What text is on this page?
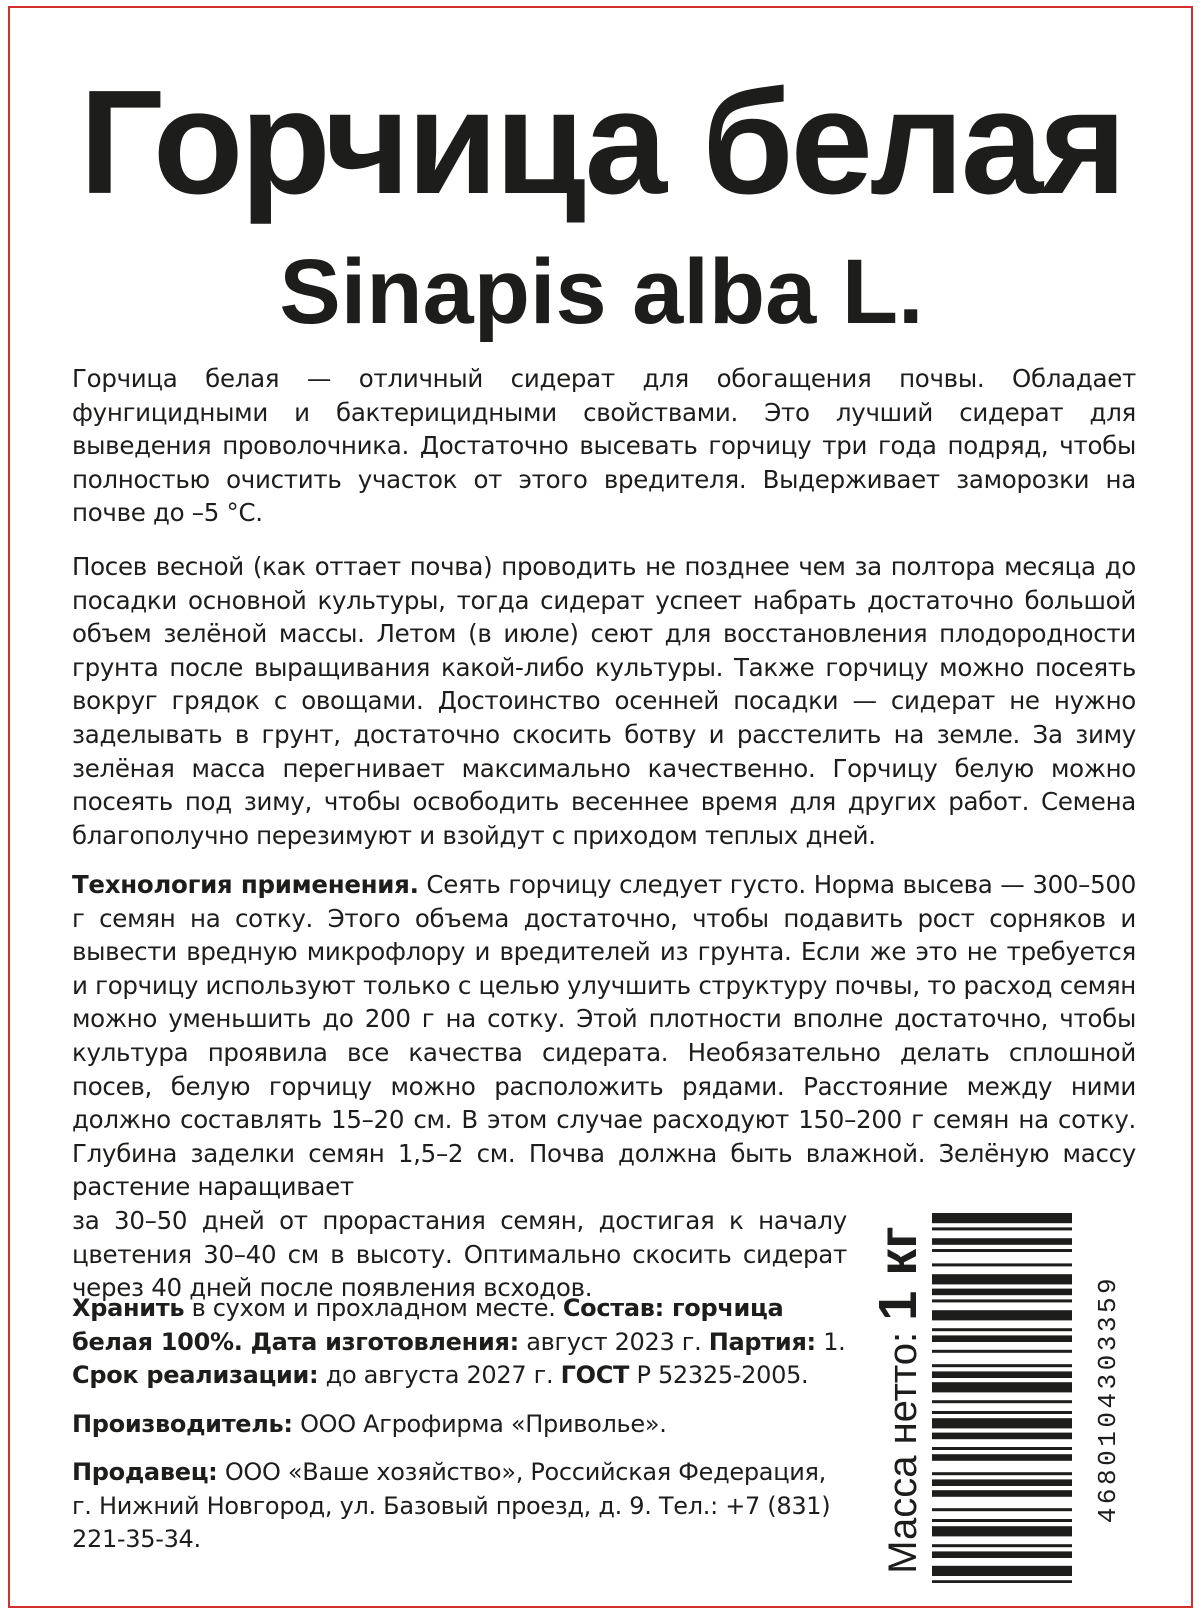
Горчица белая
Sinapis alba L.

Горчица белая — отличный сидерат для обогащения почвы. Обладает фунгицидными и бактерицидными свойствами. Это лучший сидерат для выведения проволочника. Достаточно высевать горчицу три года подряд, чтобы полностью очистить участок от этого вредителя. Выдерживает заморозки на почве до –5 °С.

Посев весной (как оттает почва) проводить не позднее чем за полтора месяца до посадки основной культуры, тогда сидерат успеет набрать достаточно большой объем зелёной массы. Летом (в июле) сеют для восстановления плодородности грунта после выращивания какой-либо культуры. Также горчицу можно посеять вокруг грядок с овощами. Достоинство осенней посадки — сидерат не нужно заделывать в грунт, достаточно скосить ботву и расстелить на земле. За зиму зелёная масса перегнивает максимально качественно. Горчицу белую можно посеять под зиму, чтобы освободить весеннее время для других работ. Семена благополучно перезимуют и взойдут с приходом теплых дней.

Технология применения. Сеять горчицу следует густо. Норма высева — 300–500 г семян на сотку. Этого объема достаточно, чтобы подавить рост сорняков и вывести вредную микрофлору и вредителей из грунта. Если же это не требуется и горчицу используют только с целью улучшить структуру почвы, то расход семян можно уменьшить до 200 г на сотку. Этой плотности вполне достаточно, чтобы культура проявила все качества сидерата. Необязательно делать сплошной посев, белую горчицу можно расположить рядами. Расстояние между ними должно составлять 15–20 см. В этом случае расходуют 150–200 г семян на сотку. Глубина заделки семян 1,5–2 см. Почва должна быть влажной. Зелёную массу растение наращивает
за 30–50 дней от прорастания семян, достигая к началу цветения 30–40 см в высоту. Оптимально скосить сидерат через 40 дней после появления всходов.

Хранить в сухом и прохладном месте. Состав: горчица белая 100%. Дата изготовления: август 2023 г. Партия: 1.
Срок реализации: до августа 2027 г. ГОСТ Р 52325-2005.

Производитель: ООО Агрофирма «Приволье».

Продавец: ООО «Ваше хозяйство», Российская Федерация, г. Нижний Новгород, ул. Базовый проезд, д. 9. Тел.: +7 (831) 221-35-34.	Масса нетто: 1 кг
4680104303359
